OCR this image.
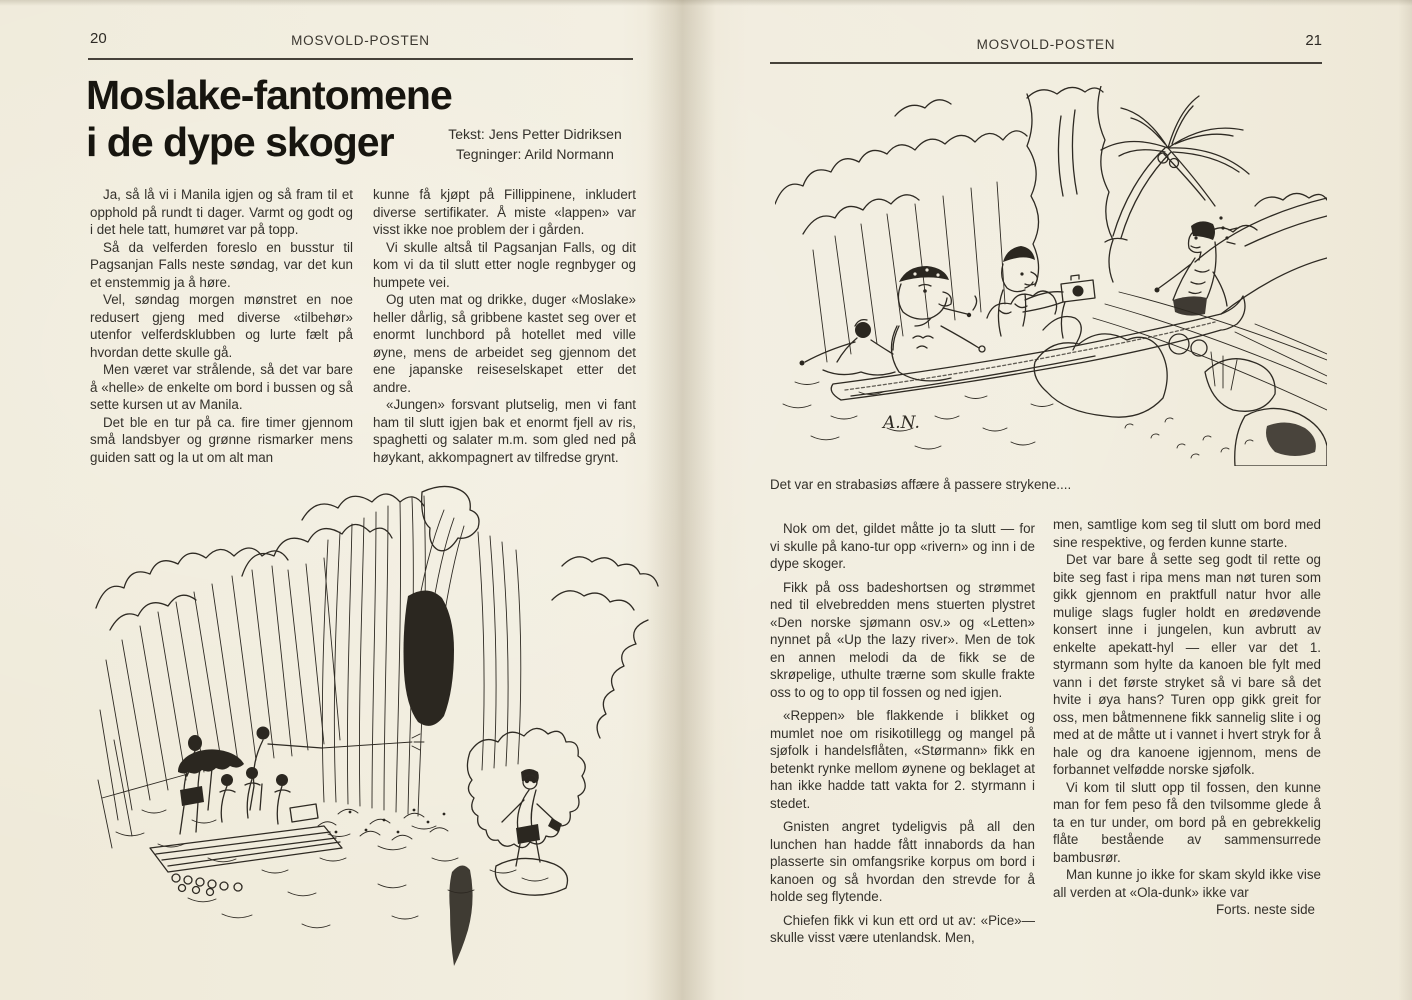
20	MOSVOLD-POSTEN
Moslake-fantomene
i de dype skoger	Tekst: Jens Petter Didriksen
Tegninger: Arild Normann

Ja, så lå vi i Manila igjen og så fram til et opphold på rundt ti dager. Varmt og godt og i det hele tatt, humøret var på topp.

Så da velferden foreslo en busstur til Pagsanjan Falls neste søndag, var det kun et enstemmig ja å høre.

Vel, søndag morgen mønstret en noe redusert gjeng med diverse «tilbehør» utenfor velferdsklubben og lurte fælt på hvordan dette skulle gå.

Men været var strålende, så det var bare å «helle» de enkelte om bord i bussen og så sette kursen ut av Manila.

Det ble en tur på ca. fire timer gjennom små landsbyer og grønne rismarker mens guiden satt og la ut om alt man

kunne få kjøpt på Fillippinene, inkludert diverse sertifikater. Å miste «lappen» var visst ikke noe problem der i gården.

Vi skulle altså til Pagsanjan Falls, og dit kom vi da til slutt etter nogle regnbyger og humpete vei.

Og uten mat og drikke, duger «Moslake» heller dårlig, så gribbene kastet seg over et enormt lunchbord på hotellet med ville øyne, mens de arbeidet seg gjennom det ene japanske reiseselskapet etter det andre.

«Jungen» forsvant plutselig, men vi fant ham til slutt igjen bak et enormt fjell av ris, spaghetti og salater m.m. som gled ned på høykant, akkompagnert av tilfredse grynt.

MOSVOLD-POSTEN	21
A.N.
Det var en strabasiøs affære å passere strykene....

Nok om det, gildet måtte jo ta slutt — for vi skulle på kano-tur opp «rivern» og inn i de dype skoger.

Fikk på oss badeshortsen og strømmet ned til elvebredden mens stuerten plystret «Den norske sjømann osv.» og «Letten» nynnet på «Up the lazy river». Men de tok en annen melodi da de fikk se de skrøpelige, uthulte trærne som skulle frakte oss to og to opp til fossen og ned igjen.

«Reppen» ble flakkende i blikket og mumlet noe om risikotillegg og mangel på sjøfolk i handelsflåten, «Størmann» fikk en betenkt rynke mellom øynene og beklaget at han ikke hadde tatt vakta for 2. styrmann i stedet.

Gnisten angret tydeligvis på all den lunchen han hadde fått innabords da han plasserte sin omfangsrike korpus om bord i kanoen og så hvordan den strevde for å holde seg flytende.

Chiefen fikk vi kun ett ord ut av: «Pice»— skulle visst være utenlandsk. Men,

men, samtlige kom seg til slutt om bord med sine respektive, og ferden kunne starte.

Det var bare å sette seg godt til rette og bite seg fast i ripa mens man nøt turen som gikk gjennom en praktfull natur hvor alle mulige slags fugler holdt en øredøvende konsert inne i jungelen, kun avbrutt av enkelte apekatt-hyl — eller var det 1. styrmann som hylte da kanoen ble fylt med vann i det første stryket så vi bare så det hvite i øya hans? Turen opp gikk greit for oss, men båtmennene fikk sannelig slite i og med at de måtte ut i vannet i hvert stryk for å hale og dra kanoene igjennom, mens de forbannet velfødde norske sjøfolk.

Vi kom til slutt opp til fossen, den kunne man for fem peso få den tvilsomme glede å ta en tur under, om bord på en gebrekkelig flåte bestående av sammensurrede bambusrør.

Man kunne jo ikke for skam skyld ikke vise all verden at «Ola-dunk» ikke var

Forts. neste side
